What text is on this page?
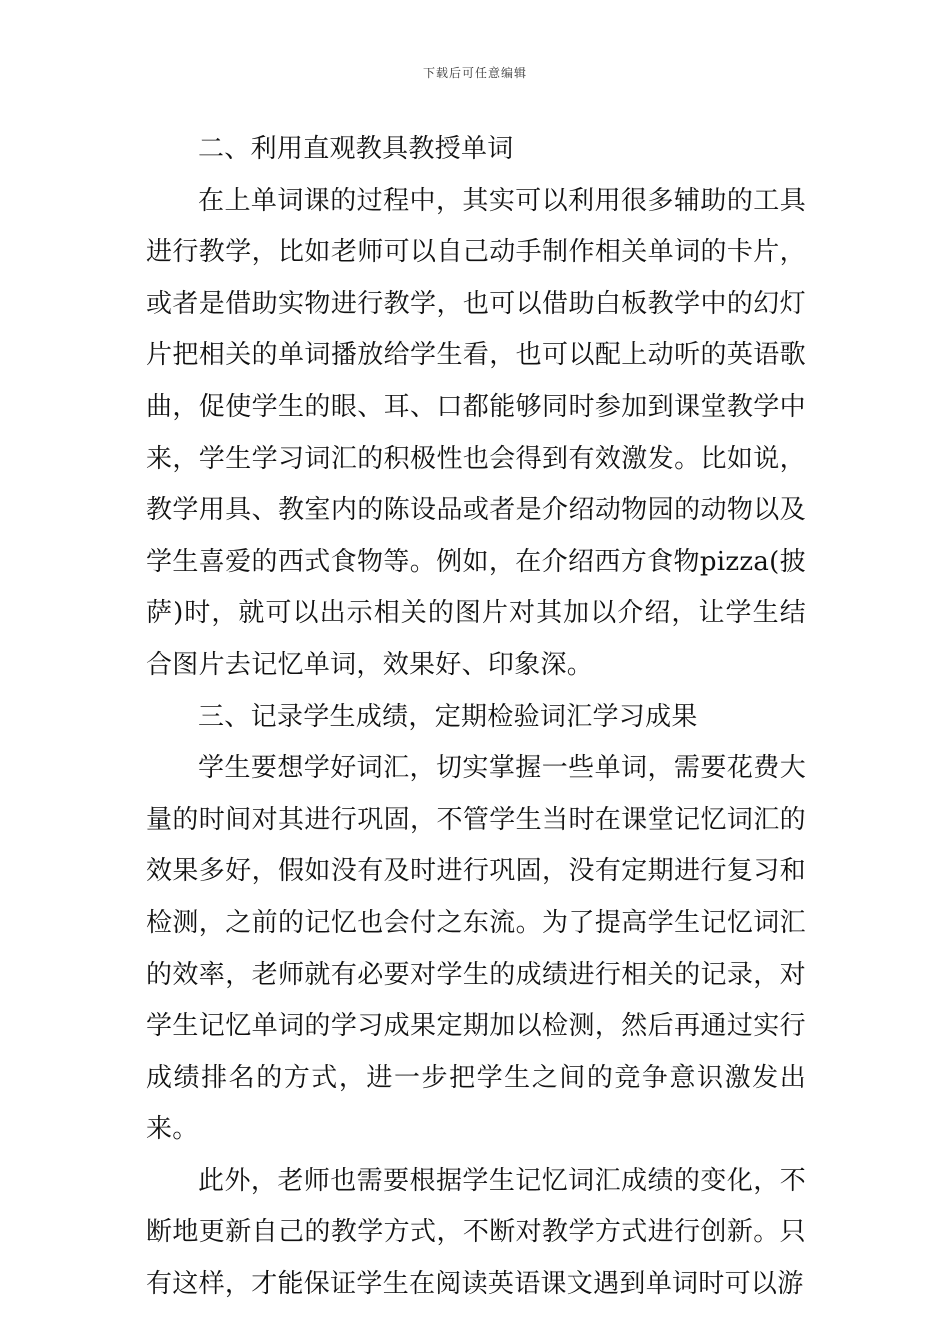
下载后可任意编辑

二、利用直观教具教授单词

在上单词课的过程中，其实可以利用很多辅助的工具进行教学，比如老师可以自己动手制作相关单词的卡片，或者是借助实物进行教学，也可以借助白板教学中的幻灯片把相关的单词播放给学生看，也可以配上动听的英语歌曲，促使学生的眼、耳、口都能够同时参加到课堂教学中来，学生学习词汇的积极性也会得到有效激发。比如说，教学用具、教室内的陈设品或者是介绍动物园的动物以及学生喜爱的西式食物等。例如，在介绍西方食物pizza(披萨)时，就可以出示相关的图片对其加以介绍，让学生结合图片去记忆单词，效果好、印象深。

三、记录学生成绩，定期检验词汇学习成果

学生要想学好词汇，切实掌握一些单词，需要花费大量的时间对其进行巩固，不管学生当时在课堂记忆词汇的效果多好，假如没有及时进行巩固，没有定期进行复习和检测，之前的记忆也会付之东流。为了提高学生记忆词汇的效率，老师就有必要对学生的成绩进行相关的记录，对学生记忆单词的学习成果定期加以检测，然后再通过实行成绩排名的方式，进一步把学生之间的竞争意识激发出来。

此外，老师也需要根据学生记忆词汇成绩的变化，不断地更新自己的教学方式，不断对教学方式进行创新。只有这样，才能保证学生在阅读英语课文遇到单词时可以游
